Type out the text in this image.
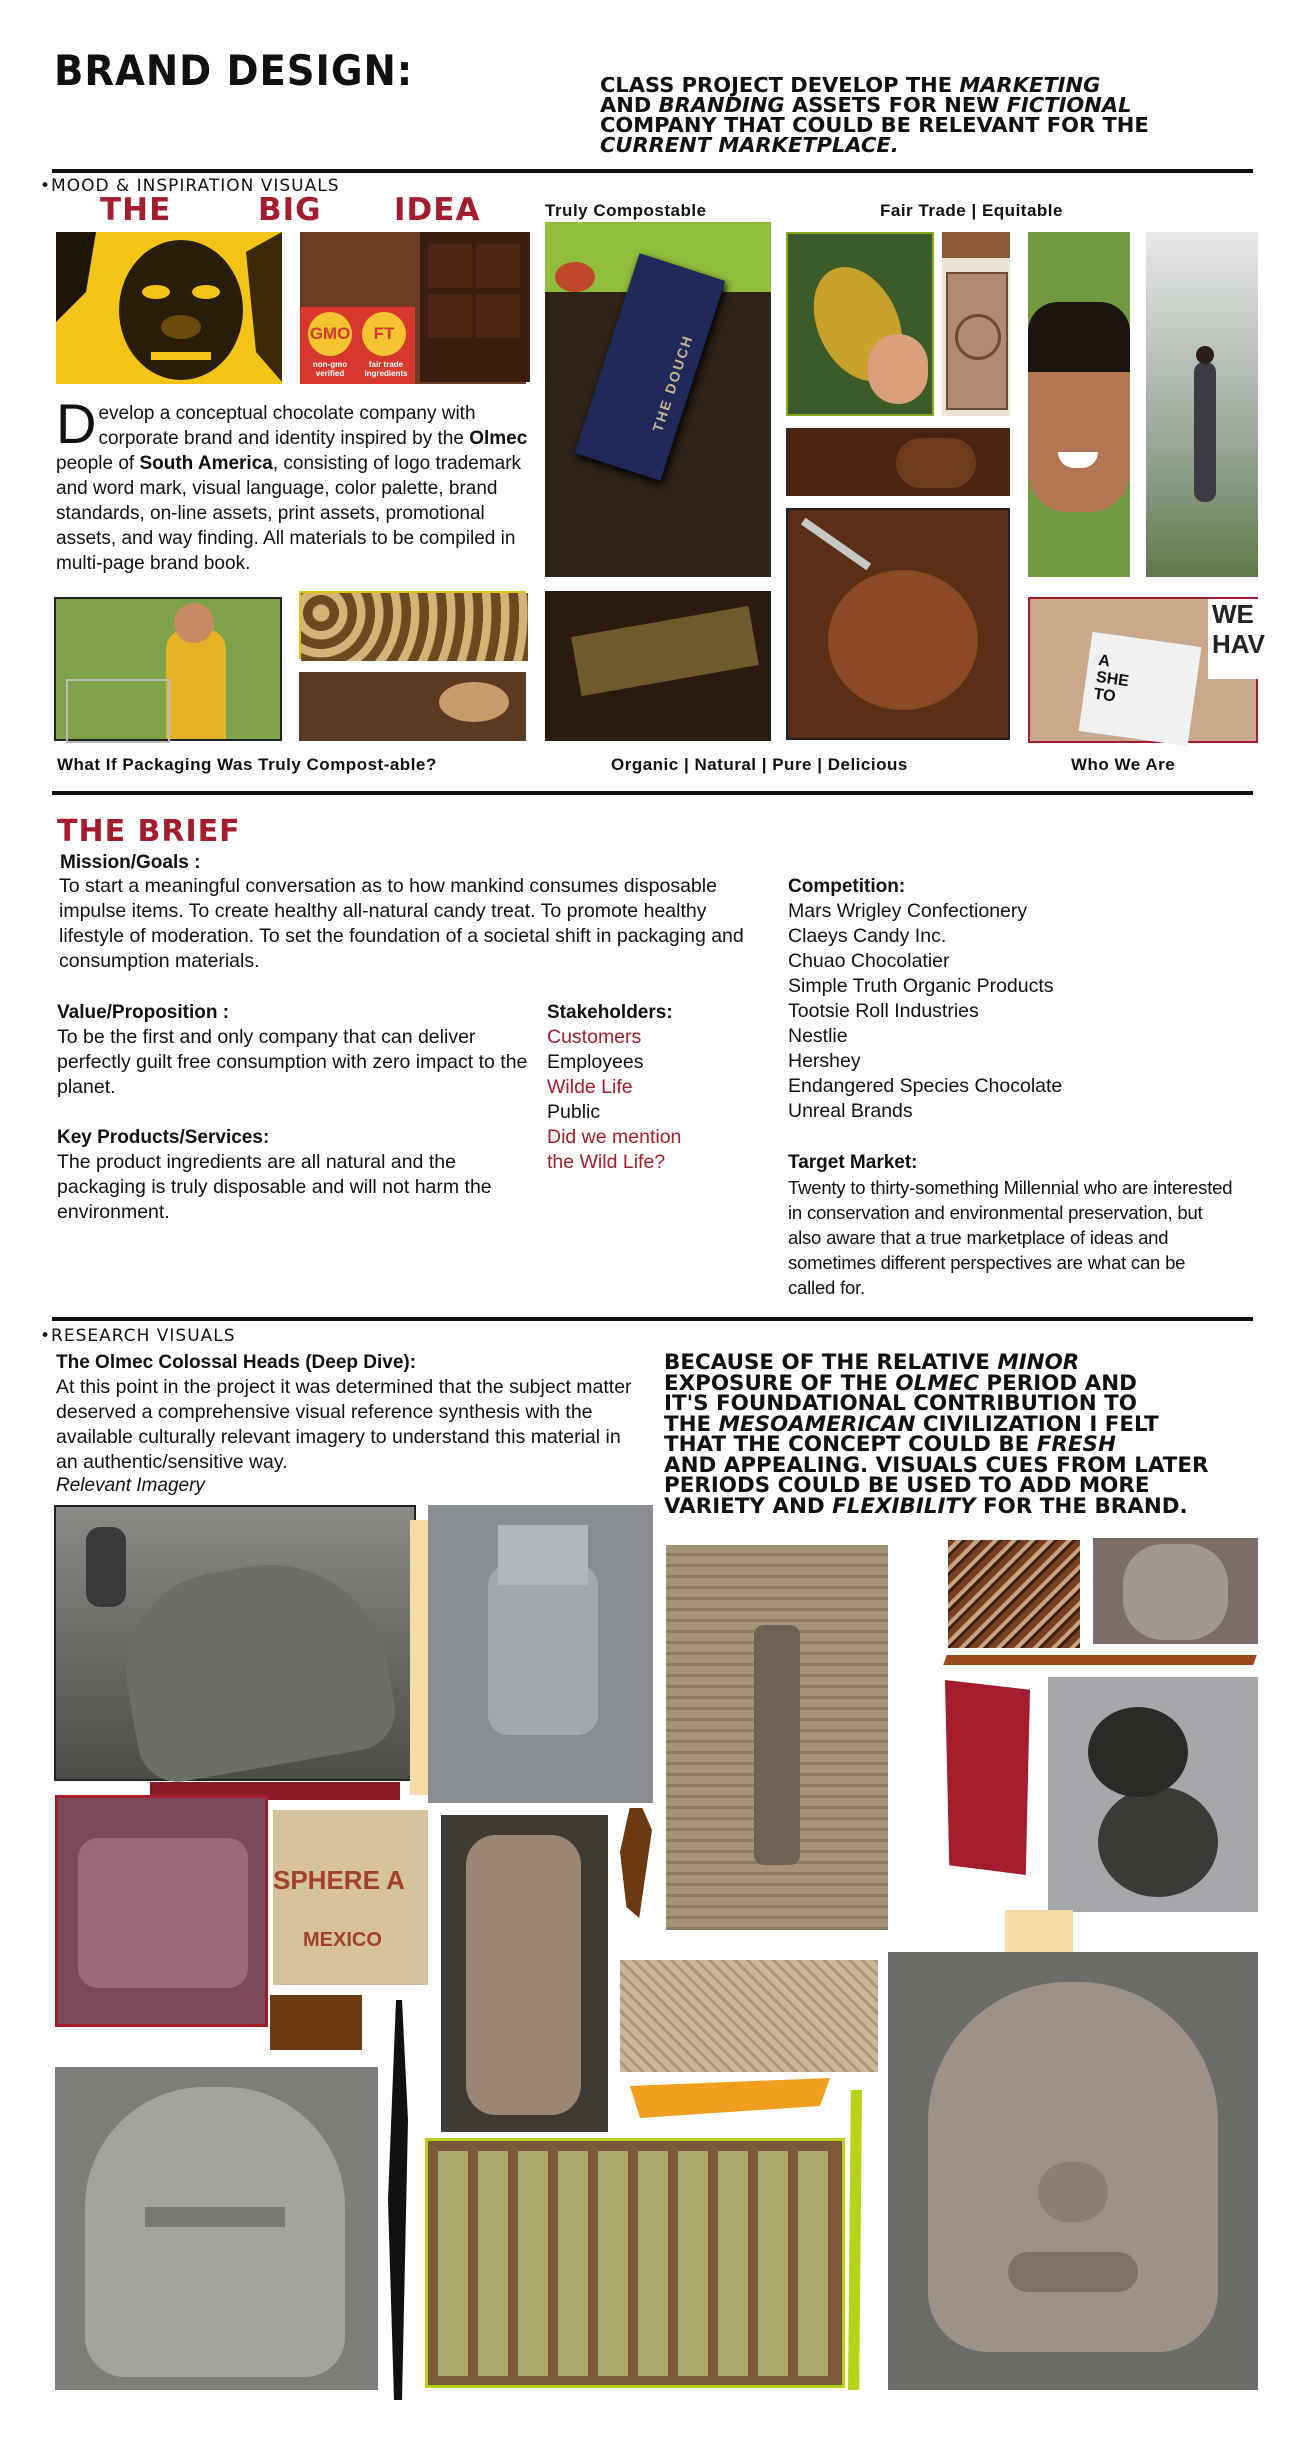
BRAND DESIGN:	CLASS PROJECT DEVELOP THE MARKETING
AND BRANDING ASSETS FOR NEW FICTIONAL
COMPANY THAT COULD BE RELEVANT FOR THE
CURRENT MARKETPLACE.
•MOOD & INSPIRATION VISUALS
THE	BIG IDEA	Truly Compostable	Fair Trade | Equitable
GMO	FT
non-gmo verified
fair trade ingredients	THE DOUCH
Develop a conceptual chocolate company with corporate brand and identity inspired by the Olmec people of South America, consisting of logo trademark and word mark, visual language, color palette, brand standards, on-line assets, print assets, promotional assets, and way finding. All materials to be compiled in multi-page brand book.
A
SHE
TO
WE
HAV
What If Packaging Was Truly Compost-able?	Organic | Natural | Pure | Delicious	Who We Are
THE BRIEF
Mission/Goals :
To start a meaningful conversation as to how mankind consumes disposable impulse items. To create healthy all-natural candy treat. To promote healthy lifestyle of moderation. To set the foundation of a societal shift in packaging and consumption materials.
Value/Proposition :
To be the first and only company that can deliver perfectly guilt free consumption with zero impact to the planet.
Key Products/Services:
The product ingredients are all natural and the packaging is truly disposable and will not harm the environment.
Stakeholders:
Customers
Employees
Wilde Life
Public
Did we mention
the Wild Life?
Competition:
Mars Wrigley Confectionery
Claeys Candy Inc.
Chuao Chocolatier
Simple Truth Organic Products
Tootsie Roll Industries
Nestlie
Hershey
Endangered Species Chocolate
Unreal Brands
Target Market:
Twenty to thirty-something Millennial who are interested in conservation and environmental preservation, but also aware that a true marketplace of ideas and sometimes different perspectives are what can be called for.
•RESEARCH VISUALS
The Olmec Colossal Heads (Deep Dive):
At this point in the project it was determined that the subject matter deserved a comprehensive visual reference synthesis with the available culturally relevant imagery to understand this material in an authentic/sensitive way.
Relevant Imagery
BECAUSE OF THE RELATIVE MINOR
EXPOSURE OF THE OLMEC PERIOD AND
IT'S FOUNDATIONAL CONTRIBUTION TO
THE MESOAMERICAN CIVILIZATION I FELT
THAT THE CONCEPT COULD BE FRESH
AND APPEALING. VISUALS CUES FROM LATER
PERIODS COULD BE USED TO ADD MORE
VARIETY AND FLEXIBILITY FOR THE BRAND.
SPHERE A
MEXICO
